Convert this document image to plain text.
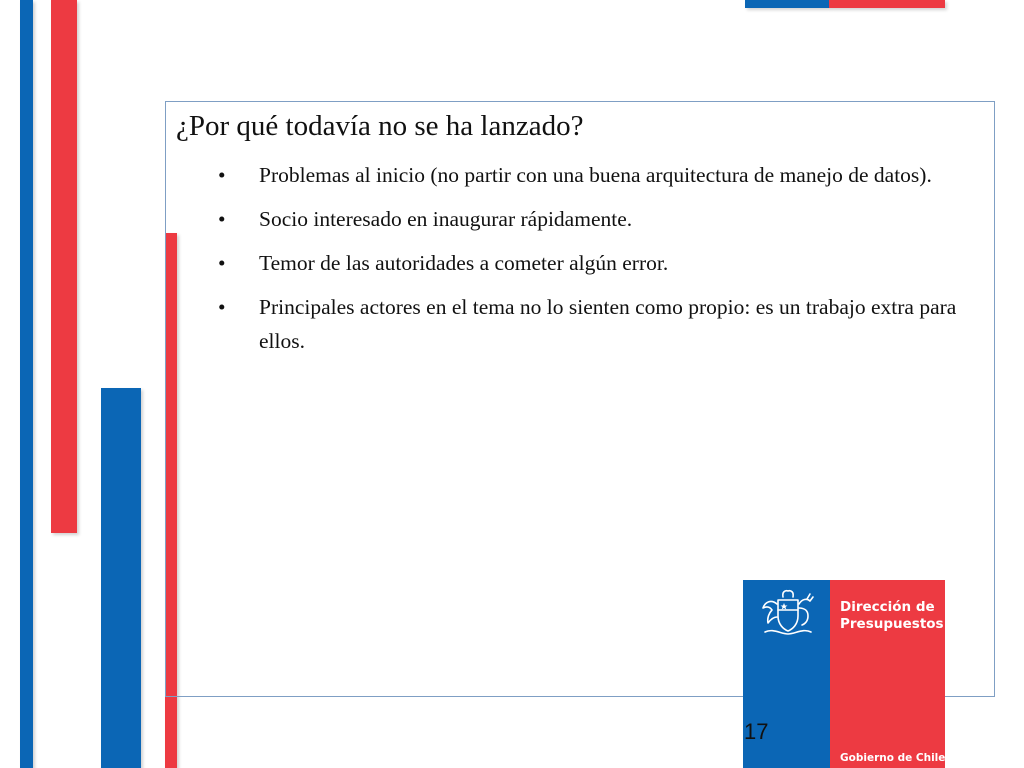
¿Por qué todavía no se ha lanzado?
• Problemas al inicio (no partir con una buena arquitectura de manejo de datos).
• Socio interesado en inaugurar rápidamente.
• Temor de las autoridades a cometer algún error.
• Principales actores en el tema no lo sienten como propio: es un trabajo extra para ellos.
Dirección de
Presupuestos
Gobierno de Chile
17
